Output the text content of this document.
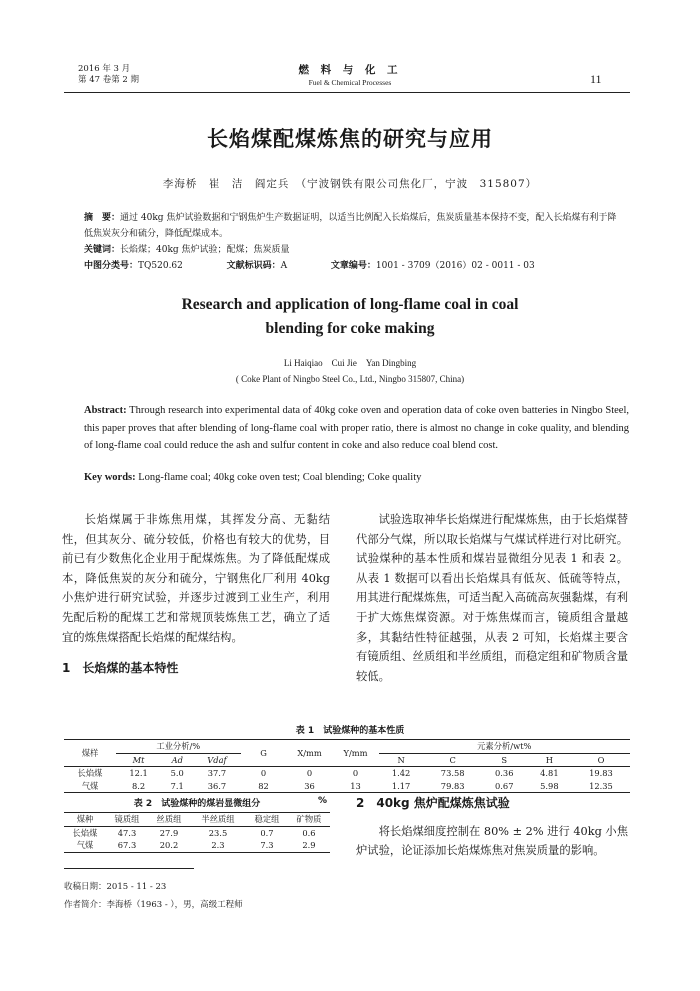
2016 年 3 月
第 47 卷第 2 期
燃 料 与 化 工
Fuel & Chemical Processes	11
长焰煤配煤炼焦的研究与应用
李海桥　崔　洁　阎定兵　（宁波钢铁有限公司焦化厂，宁波　315807）
摘　要：通过 40kg 焦炉试验数据和宁钢焦炉生产数据证明，以适当比例配入长焰煤后，焦炭质量基本保持不变，配入长焰煤有利于降低焦炭灰分和硫分，降低配煤成本。
关键词：长焰煤；40kg 焦炉试验；配煤；焦炭质量
中图分类号：TQ520.62	文献标识码：A	文章编号：1001 - 3709（2016）02 - 0011 - 03
Research and application of long-flame coal in coal
blending for coke making
Li Haiqiao　Cui Jie　Yan Dingbing
( Coke Plant of Ningbo Steel Co., Ltd., Ningbo 315807, China)
Abstract: Through research into experimental data of 40kg coke oven and operation data of coke oven batteries in Ningbo Steel, this paper proves that after blending of long-flame coal with proper ratio, there is almost no change in coke quality, and blending of long-flame coal could reduce the ash and sulfur content in coke and also reduce coal blend cost.
Key words: Long-flame coal; 40kg coke oven test; Coal blending; Coke quality

长焰煤属于非炼焦用煤，其挥发分高、无黏结性，但其灰分、硫分较低，价格也有较大的优势，目前已有少数焦化企业用于配煤炼焦。为了降低配煤成本，降低焦炭的灰分和硫分，宁钢焦化厂利用 40kg 小焦炉进行研究试验，并逐步过渡到工业生产，利用先配后粉的配煤工艺和常规顶装炼焦工艺，确立了适宜的炼焦煤搭配长焰煤的配煤结构。

1　长焰煤的基本特性

试验选取神华长焰煤进行配煤炼焦，由于长焰煤替代部分气煤，所以取长焰煤与气煤试样进行对比研究。试验煤种的基本性质和煤岩显微组分见表 1 和表 2。从表 1 数据可以看出长焰煤具有低灰、低硫等特点，用其进行配煤炼焦，可适当配入高硫高灰强黏煤，有利于扩大炼焦煤资源。对于炼焦煤而言，镜质组含量越多，其黏结性特征越强，从表 2 可知，长焰煤主要含有镜质组、丝质组和半丝质组，而稳定组和矿物质含量较低。

表 1　试验煤种的基本性质
煤样	工业分析/%			G	X/mm	Y/mm	元素分析/wt%				
	Mt	Ad	Vdaf				N	C	S	H	O
长焰煤	12.1	5.0	37.7	0	0	0	1.42	73.58	0.36	4.81	19.83
气煤	8.2	7.1	36.7	82	36	13	1.17	79.83	0.67	5.98	12.35
表 2　试验煤种的煤岩显微组分	%
煤种	镜质组	丝质组	半丝质组	稳定组	矿物质
长焰煤	47.3	27.9	23.5	0.7	0.6
气煤	67.3	20.2	2.3	7.3	2.9
2　40kg 焦炉配煤炼焦试验

将长焰煤细度控制在 80% ± 2% 进行 40kg 小焦炉试验，论证添加长焰煤炼焦对焦炭质量的影响。

收稿日期：2015 - 11 - 23
作者简介：李海桥（1963 - ），男，高级工程师
